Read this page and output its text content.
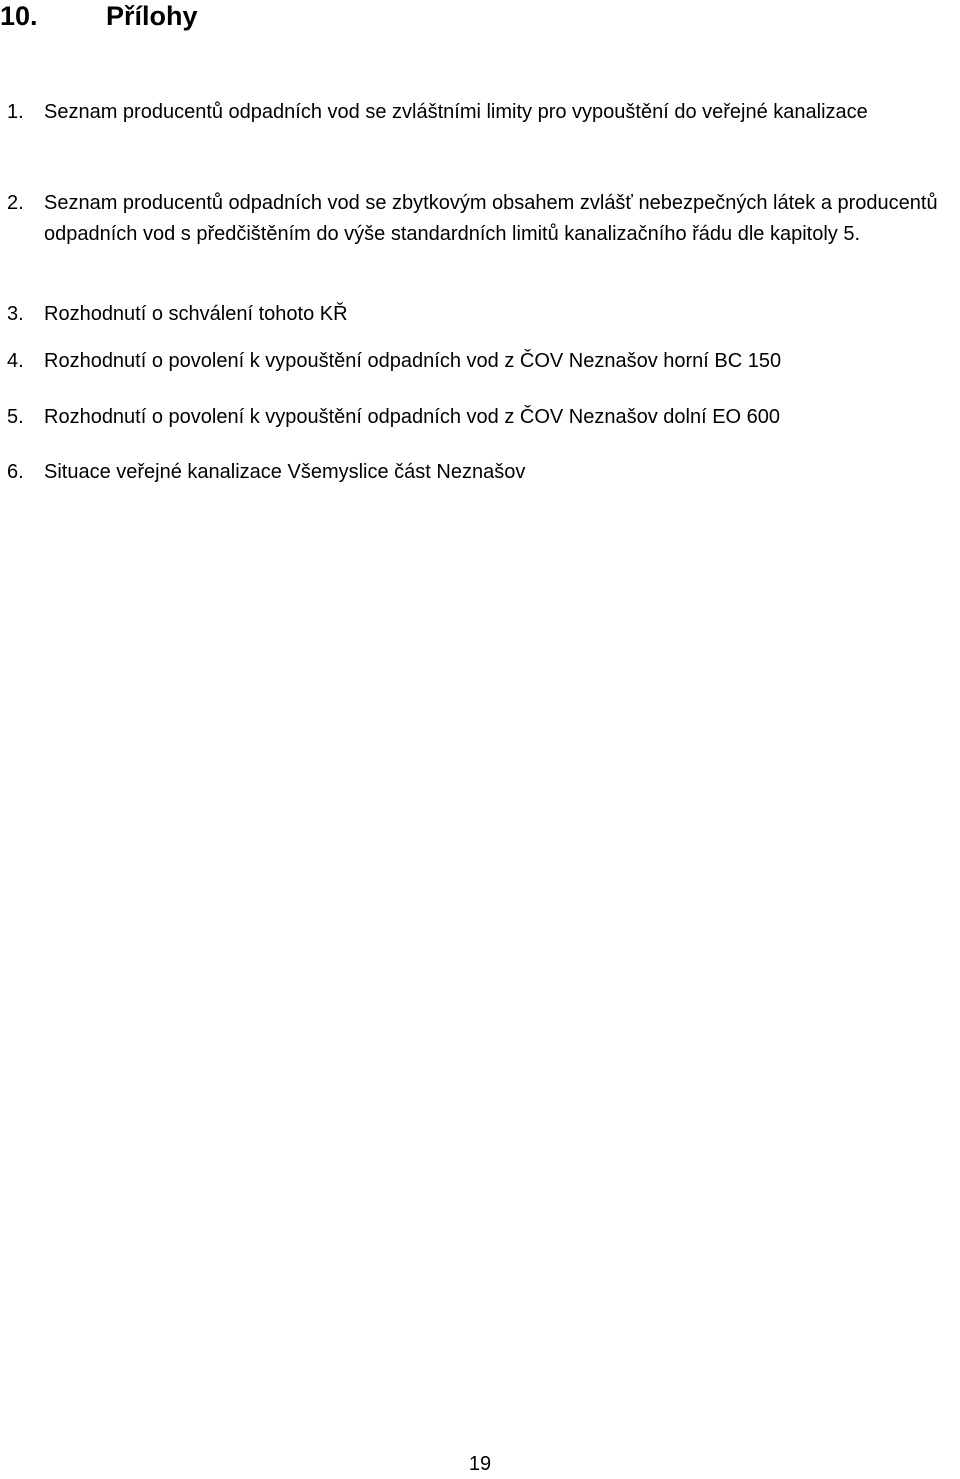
10.	Přílohy
1. Seznam producentů odpadních vod se zvláštními limity pro vypouštění do veřejné kanalizace
2. Seznam producentů odpadních vod se zbytkovým obsahem zvlášť nebezpečných látek a producentů odpadních vod s předčištěním do výše standardních limitů kanalizačního řádu dle kapitoly 5.
3. Rozhodnutí o schválení tohoto KŘ
4. Rozhodnutí o povolení k vypouštění odpadních vod z ČOV Neznašov horní BC 150
5. Rozhodnutí o povolení k vypouštění odpadních vod z ČOV Neznašov dolní EO 600
6. Situace veřejné kanalizace Všemyslice část Neznašov
19
